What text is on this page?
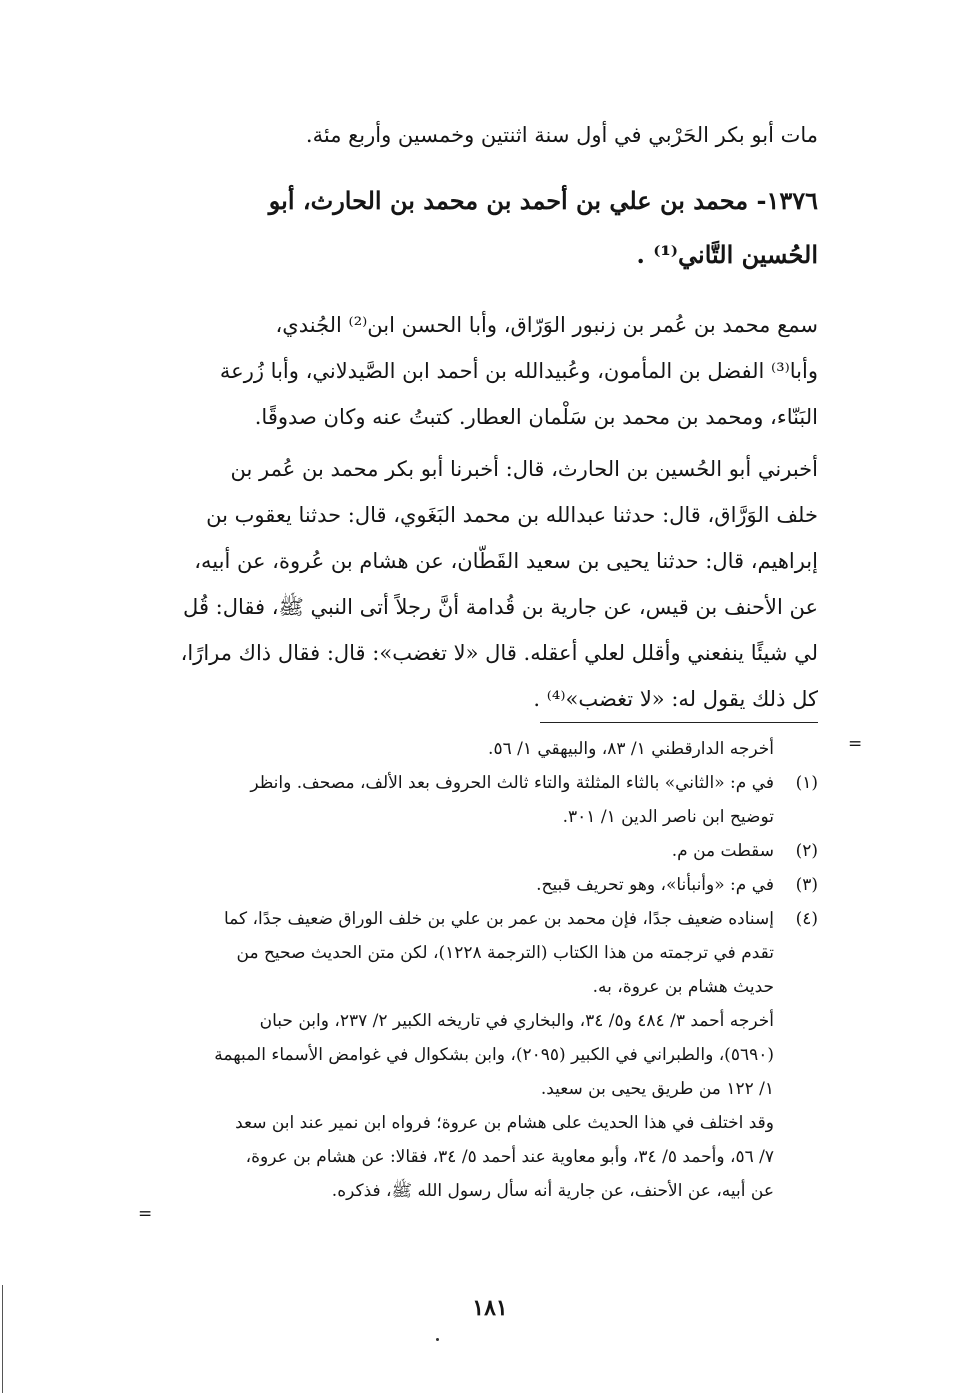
مات أبو بكر الحَرْبي في أول سنة اثنتين وخمسين وأربع مئة.
١٣٧٦- محمد بن علي بن أحمد بن محمد بن الحارث، أبو
الحُسين التَّاني⁽¹⁾ .
سمع محمد بن عُمر بن زنبور الوَرّاق، وأبا الحسن ابن⁽²⁾ الجُندي،
وأبا⁽³⁾ الفضل بن المأمون، وعُبيدالله بن أحمد ابن الصَّيدلاني، وأبا زُرعة
البَنّاء، ومحمد بن محمد بن سَلْمان العطار. كتبتُ عنه وكان صدوقًا.
أخبرني أبو الحُسين بن الحارث، قال: أخبرنا أبو بكر محمد بن عُمر بن
خلف الوَرَّاق، قال: حدثنا عبدالله بن محمد البَغَوي، قال: حدثنا يعقوب بن
إبراهيم، قال: حدثنا يحيى بن سعيد القَطّان، عن هشام بن عُروة، عن أبيه،
عن الأحنف بن قيس، عن جارية بن قُدامة أنَّ رجلاً أتى النبي ﷺ، فقال: قُل
لي شيئًا ينفعني وأقلل لعلي أعقله. قال «لا تغضب»: قال: فقال ذاك مرارًا،
كل ذلك يقول له: «لا تغضب»⁽⁴⁾ .
=
أخرجه الدارقطني ١/ ٨٣، والبيهقي ١/ ٥٦.
(١)في م: «الثاني» بالثاء المثلثة والتاء ثالث الحروف بعد الألف، مصحف. وانظر
توضيح ابن ناصر الدين ١/ ٣٠١.
(٢)سقطت من م.
(٣)في م: «وأنبأنا»، وهو تحريف قبيح.
(٤)إسناده ضعيف جدًا، فإن محمد بن عمر بن علي بن خلف الوراق ضعيف جدًا، كما
تقدم في ترجمته من هذا الكتاب (الترجمة ١٢٢٨)، لكن متن الحديث صحيح من
حديث هشام بن عروة، به.
أخرجه أحمد ٣/ ٤٨٤ و٥/ ٣٤، والبخاري في تاريخه الكبير ٢/ ٢٣٧، وابن حبان
(٥٦٩٠)، والطبراني في الكبير (٢٠٩٥)، وابن بشكوال في غوامض الأسماء المبهمة
١/ ١٢٢ من طريق يحيى بن سعيد.
وقد اختلف في هذا الحديث على هشام بن عروة؛ فرواه ابن نمير عند ابن سعد
٧/ ٥٦، وأحمد ٥/ ٣٤، وأبو معاوية عند أحمد ٥/ ٣٤، فقالا: عن هشام بن عروة،
عن أبيه، عن الأحنف، عن جارية أنه سأل رسول الله ﷺ، فذكره.
=
١٨١
